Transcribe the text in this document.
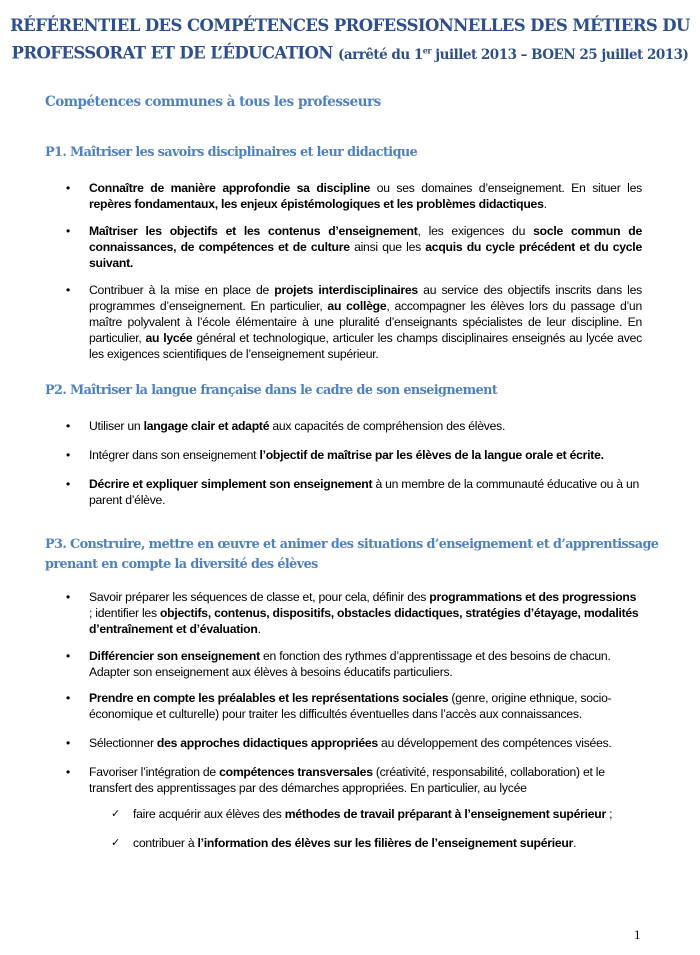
RÉFÉRENTIEL DES COMPÉTENCES PROFESSIONNELLES DES MÉTIERS DU
PROFESSORAT ET DE L’ÉDUCATION (arrêté du 1er juillet 2013 – BOEN 25 juillet 2013)
Compétences communes à tous les professeurs
P1. Maîtriser les savoirs disciplinaires et leur didactique
• Connaître de manière approfondie sa discipline ou ses domaines d’enseignement. En situer les repères fondamentaux, les enjeux épistémologiques et les problèmes didactiques.
• Maîtriser les objectifs et les contenus d’enseignement, les exigences du socle commun de connaissances, de compétences et de culture ainsi que les acquis du cycle précédent et du cycle suivant.
• Contribuer à la mise en place de projets interdisciplinaires au service des objectifs inscrits dans les programmes d’enseignement. En particulier, au collège, accompagner les élèves lors du passage d’un maître polyvalent à l’école élémentaire à une pluralité d’enseignants spécialistes de leur discipline. En particulier, au lycée général et technologique, articuler les champs disciplinaires enseignés au lycée avec les exigences scientifiques de l’enseignement supérieur.
P2. Maîtriser la langue française dans le cadre de son enseignement
• Utiliser un langage clair et adapté aux capacités de compréhension des élèves.
• Intégrer dans son enseignement l’objectif de maîtrise par les élèves de la langue orale et écrite.
• Décrire et expliquer simplement son enseignement à un membre de la communauté éducative ou à un parent d’élève.
P3. Construire, mettre en œuvre et animer des situations d’enseignement et d’apprentissage prenant en compte la diversité des élèves
• Savoir préparer les séquences de classe et, pour cela, définir des programmations et des progressions ; identifier les objectifs, contenus, dispositifs, obstacles didactiques, stratégies d’étayage, modalités d’entraînement et d’évaluation.
• Différencier son enseignement en fonction des rythmes d’apprentissage et des besoins de chacun. Adapter son enseignement aux élèves à besoins éducatifs particuliers.
• Prendre en compte les préalables et les représentations sociales (genre, origine ethnique, socio-économique et culturelle) pour traiter les difficultés éventuelles dans l’accès aux connaissances.
• Sélectionner des approches didactiques appropriées au développement des compétences visées.
• Favoriser l’intégration de compétences transversales (créativité, responsabilité, collaboration) et le transfert des apprentissages par des démarches appropriées. En particulier, au lycée
✓ faire acquérir aux élèves des méthodes de travail préparant à l’enseignement supérieur ;
✓ contribuer à l’information des élèves sur les filières de l’enseignement supérieur.
1
